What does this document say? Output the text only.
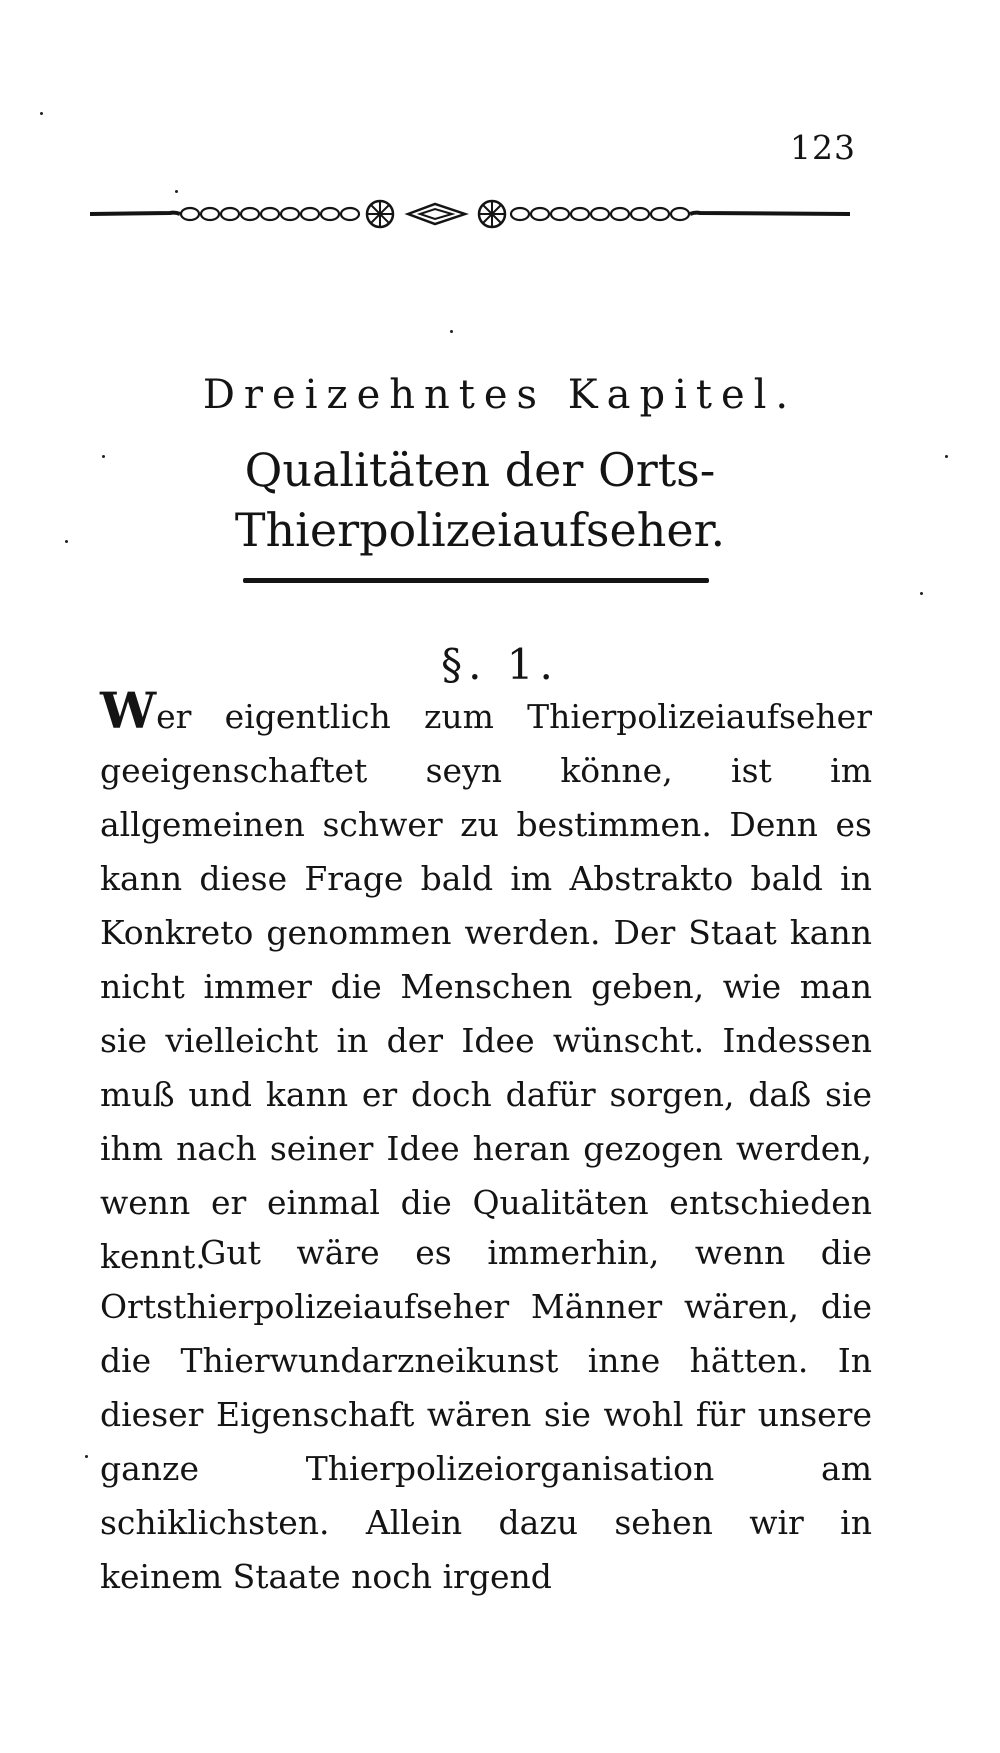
123
Dreizehntes Kapitel.
Qualitäten der Orts-Thierpolizeiaufseher.
§. 1.
Wer eigentlich zum Thierpolizeiaufseher geeigenschaftet seyn könne, ist im allgemeinen schwer zu bestimmen. Denn es kann diese Frage bald im Abstrakto bald in Konkreto genommen werden. Der Staat kann nicht immer die Menschen geben, wie man sie vielleicht in der Idee wünscht. Indessen muß und kann er doch dafür sorgen, daß sie ihm nach seiner Idee heran gezogen werden, wenn er einmal die Qualitäten entschieden kennt.
Gut wäre es immerhin, wenn die Ortsthierpolizeiaufseher Männer wären, die die Thierwundarzneikunst inne hätten. In dieser Eigenschaft wären sie wohl für unsere ganze Thierpolizeiorganisation am schiklichsten. Allein dazu sehen wir in keinem Staate noch irgend
